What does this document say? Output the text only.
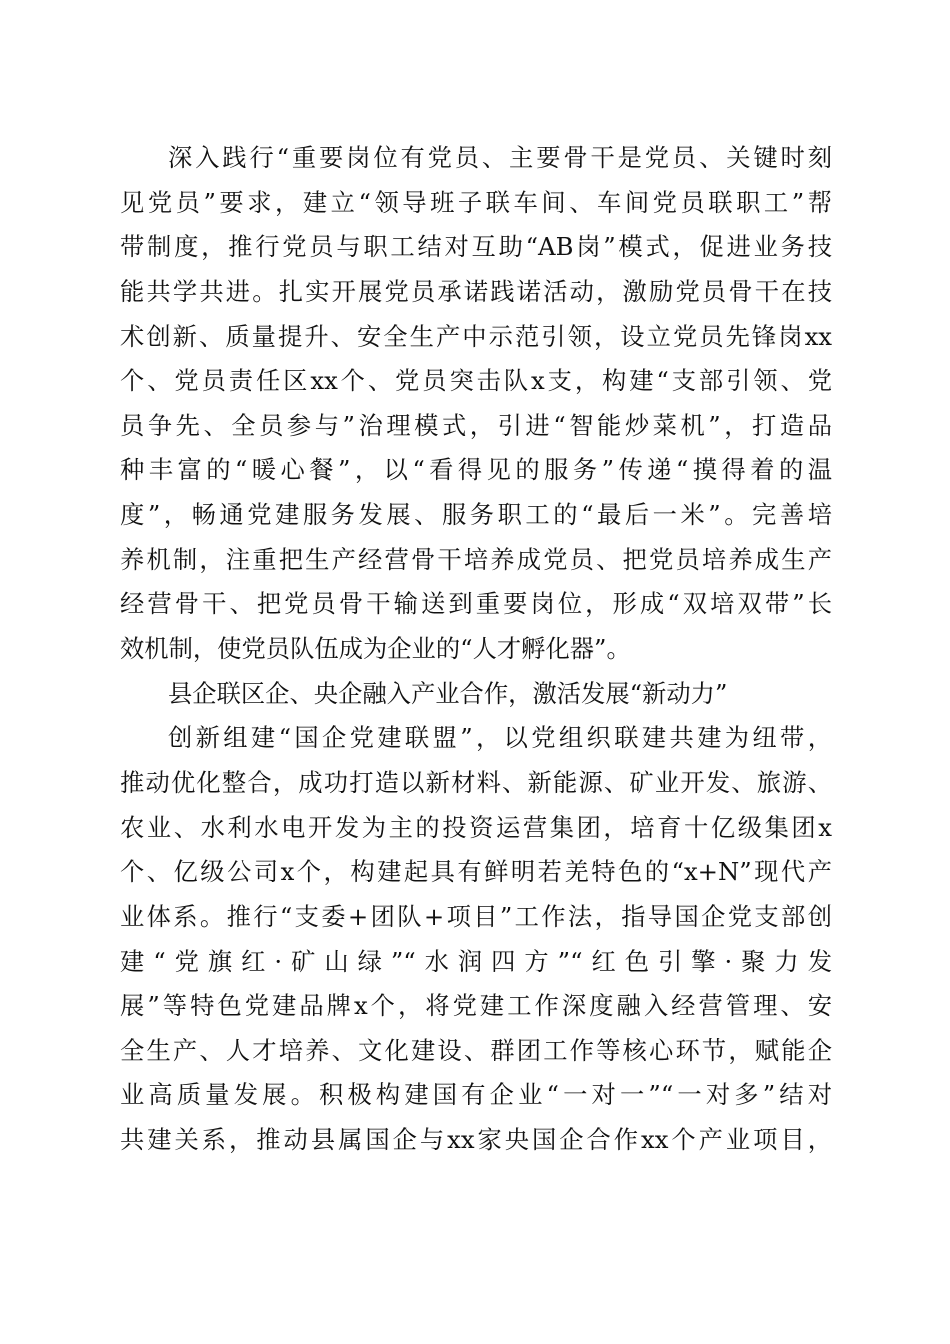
深入践行“重要岗位有党员、主要骨干是党员、关键时刻
见党员”要求，建立“领导班子联车间、车间党员联职工”帮
带制度，推行党员与职工结对互助“AB岗”模式，促进业务技
能共学共进。扎实开展党员承诺践诺活动，激励党员骨干在技
术创新、质量提升、安全生产中示范引领，设立党员先锋岗xx
个、党员责任区xx个、党员突击队x支，构建“支部引领、党
员争先、全员参与”治理模式，引进“智能炒菜机”，打造品
种丰富的“暖心餐”，以“看得见的服务”传递“摸得着的温
度”，畅通党建服务发展、服务职工的“最后一米”。完善培
养机制，注重把生产经营骨干培养成党员、把党员培养成生产
经营骨干、把党员骨干输送到重要岗位，形成“双培双带”长
效机制，使党员队伍成为企业的“人才孵化器”。
县企联区企、央企融入产业合作，激活发展“新动力”
创新组建“国企党建联盟”，以党组织联建共建为纽带，
推动优化整合，成功打造以新材料、新能源、矿业开发、旅游、
农业、水利水电开发为主的投资运营集团，培育十亿级集团x
个、亿级公司x个，构建起具有鲜明若羌特色的“x+N”现代产
业体系。推行“支委+团队+项目”工作法，指导国企党支部创
建“党旗红·矿山绿”“水润四方”“红色引擎·聚力发
展”等特色党建品牌x个，将党建工作深度融入经营管理、安
全生产、人才培养、文化建设、群团工作等核心环节，赋能企
业高质量发展。积极构建国有企业“一对一”“一对多”结对
共建关系，推动县属国企与xx家央国企合作xx个产业项目，
